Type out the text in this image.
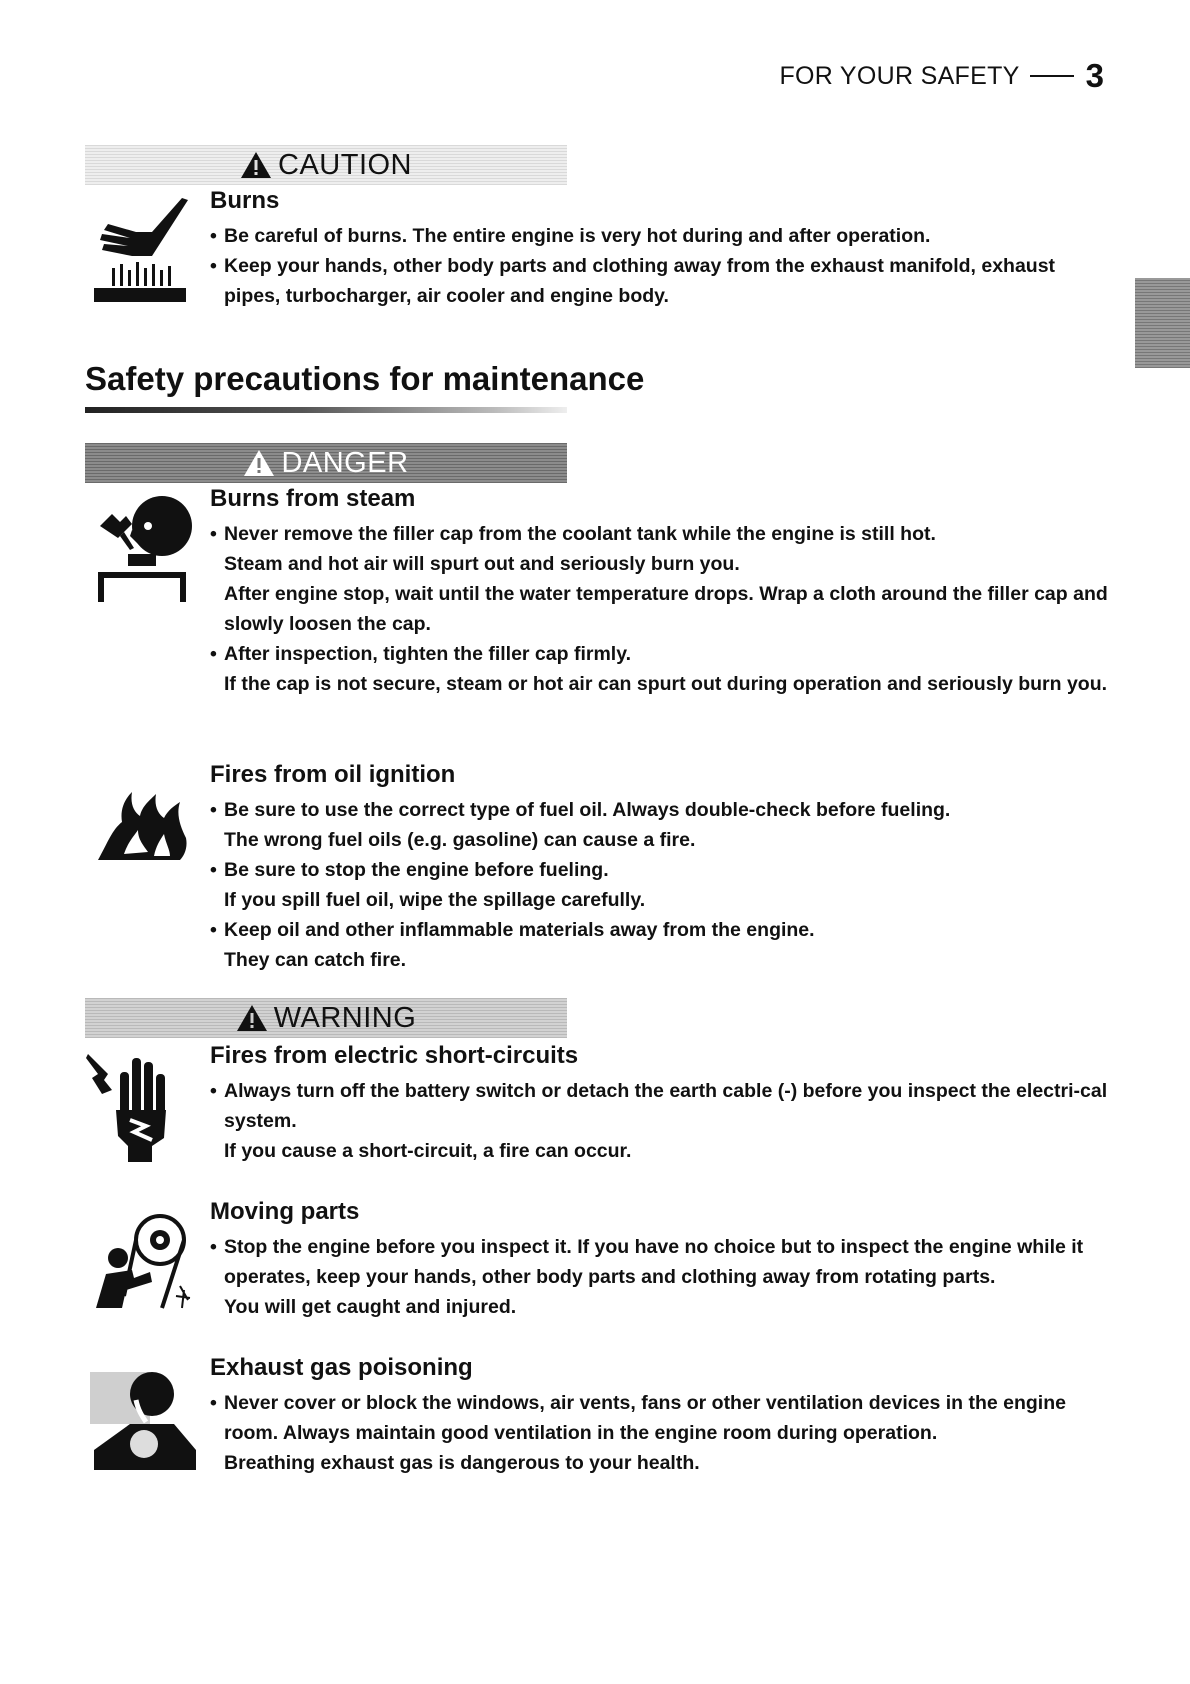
FOR YOUR SAFETY 3
CAUTION
Burns
• Be careful of burns. The entire engine is very hot during and after operation.
• Keep your hands, other body parts and clothing away from the exhaust manifold, exhaust pipes, turbocharger, air cooler and engine body.
Safety precautions for maintenance
DANGER
Burns from steam
• Never remove the filler cap from the coolant tank while the engine is still hot.
Steam and hot air will spurt out and seriously burn you.
After engine stop, wait until the water temperature drops. Wrap a cloth around the filler cap and slowly loosen the cap.
• After inspection, tighten the filler cap firmly.
If the cap is not secure, steam or hot air can spurt out during operation and seriously burn you.
Fires from oil ignition
• Be sure to use the correct type of fuel oil. Always double-check before fueling.
The wrong fuel oils (e.g. gasoline) can cause a fire.
• Be sure to stop the engine before fueling.
If you spill fuel oil, wipe the spillage carefully.
• Keep oil and other inflammable materials away from the engine.
They can catch fire.
WARNING
Fires from electric short-circuits
• Always turn off the battery switch or detach the earth cable (-) before you inspect the electri-cal system.
If you cause a short-circuit, a fire can occur.
Moving parts
• Stop the engine before you inspect it. If you have no choice but to inspect the engine while it operates, keep your hands, other body parts and clothing away from rotating parts.
You will get caught and injured.
Exhaust gas poisoning
• Never cover or block the windows, air vents, fans or other ventilation devices in the engine room. Always maintain good ventilation in the engine room during operation.
Breathing exhaust gas is dangerous to your health.
